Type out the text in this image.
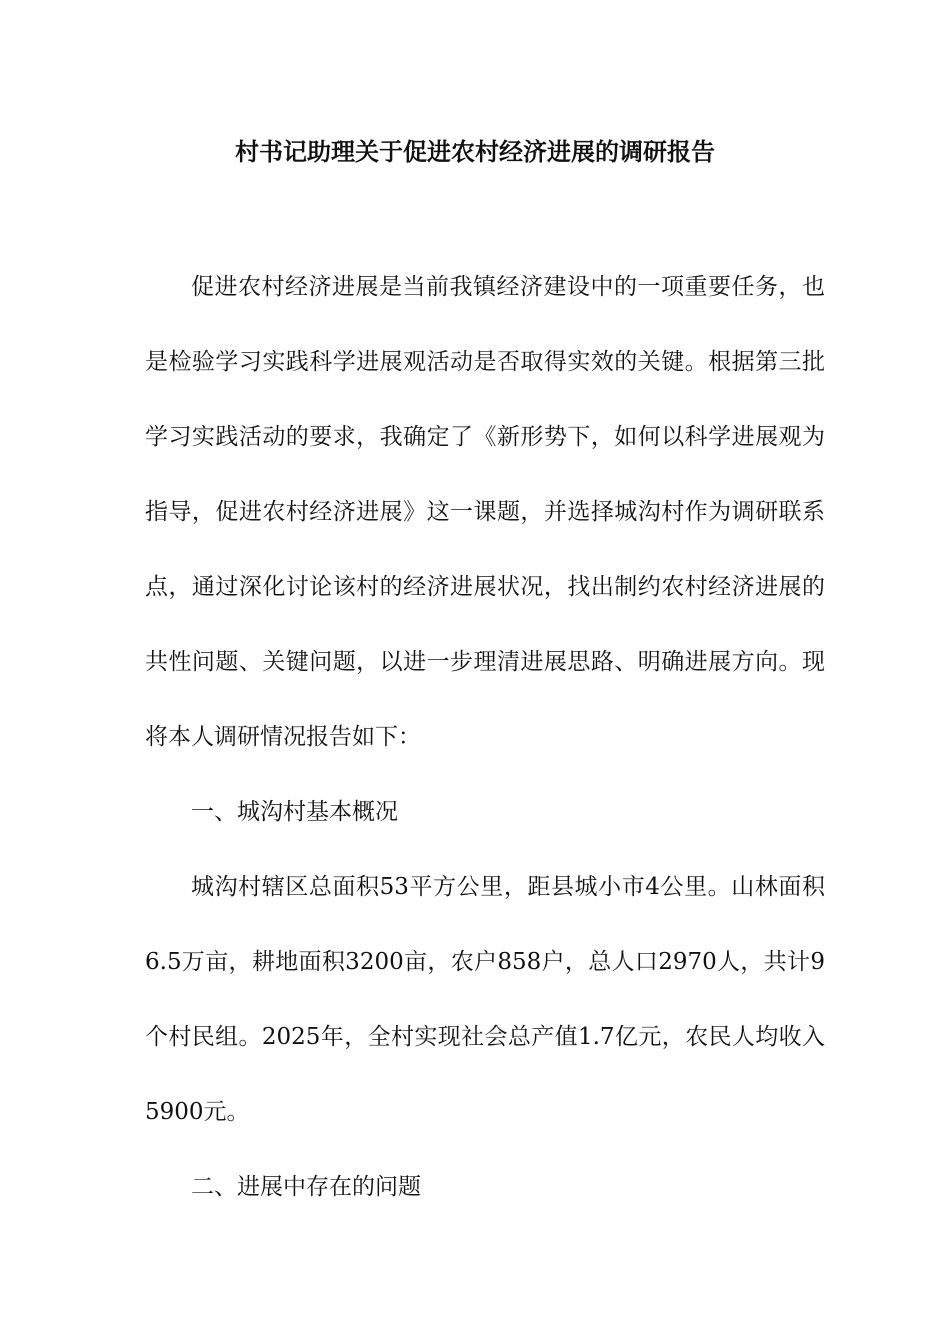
村书记助理关于促进农村经济进展的调研报告

促进农村经济进展是当前我镇经济建设中的一项重要任务，也是检验学习实践科学进展观活动是否取得实效的关键。根据第三批学习实践活动的要求，我确定了《新形势下，如何以科学进展观为指导，促进农村经济进展》这一课题，并选择城沟村作为调研联系点，通过深化讨论该村的经济进展状况，找出制约农村经济进展的共性问题、关键问题，以进一步理清进展思路、明确进展方向。现将本人调研情况报告如下：

一、城沟村基本概况

城沟村辖区总面积53平方公里，距县城小市4公里。山林面积6.5万亩，耕地面积3200亩，农户858户，总人口2970人，共计9个村民组。2025年，全村实现社会总产值1.7亿元，农民人均收入5900元。

二、进展中存在的问题
